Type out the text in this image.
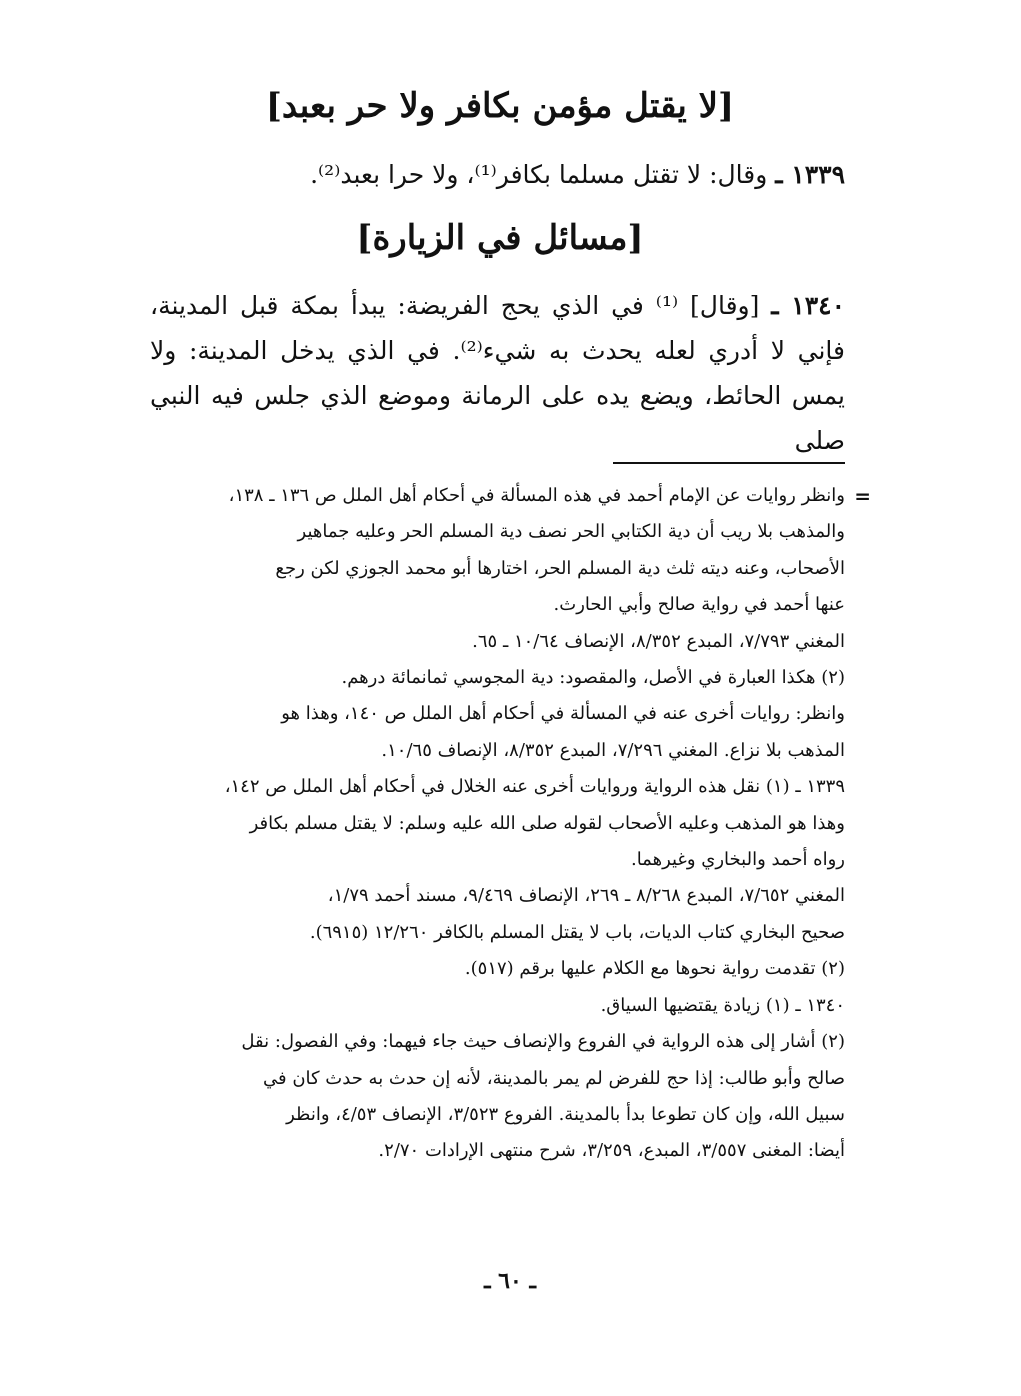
[لا يقتل مؤمن بكافر ولا حر بعبد]

١٣٣٩ ـ وقال: لا تقتل مسلما بكافر⁽¹⁾، ولا حرا بعبد⁽²⁾.

[مسائل في الزيارة]

١٣٤٠ ـ [وقال] ⁽¹⁾ في الذي يحج الفريضة: يبدأ بمكة قبل المدينة، فإني لا أدري لعله يحدث به شيء⁽²⁾. في الذي يدخل المدينة: ولا يمس الحائط، ويضع يده على الرمانة وموضع الذي جلس فيه النبي صلى

=
وانظر روايات عن الإمام أحمد في هذه المسألة في أحكام أهل الملل ص ١٣٦ ـ ١٣٨،
والمذهب بلا ريب أن دية الكتابي الحر نصف دية المسلم الحر وعليه جماهير
الأصحاب، وعنه ديته ثلث دية المسلم الحر، اختارها أبو محمد الجوزي لكن رجع
عنها أحمد في رواية صالح وأبي الحارث.
المغني ٧/٧٩٣، المبدع ٨/٣٥٢، الإنصاف ١٠/٦٤ ـ ٦٥.
(٢) هكذا العبارة في الأصل، والمقصود: دية المجوسي ثمانمائة درهم.
وانظر: روايات أخرى عنه في المسألة في أحكام أهل الملل ص ١٤٠، وهذا هو
المذهب بلا نزاع. المغني ٧/٢٩٦، المبدع ٨/٣٥٢، الإنصاف ١٠/٦٥.
١٣٣٩ ـ (١) نقل هذه الرواية وروايات أخرى عنه الخلال في أحكام أهل الملل ص ١٤٢،
وهذا هو المذهب وعليه الأصحاب لقوله صلى الله عليه وسلم: لا يقتل مسلم بكافر
رواه أحمد والبخاري وغيرهما.
المغني ٧/٦٥٢، المبدع ٨/٢٦٨ ـ ٢٦٩، الإنصاف ٩/٤٦٩، مسند أحمد ١/٧٩،
صحيح البخاري كتاب الديات، باب لا يقتل المسلم بالكافر ١٢/٢٦٠ (٦٩١٥).
(٢) تقدمت رواية نحوها مع الكلام عليها برقم (٥١٧).
١٣٤٠ ـ (١) زيادة يقتضيها السياق.
(٢) أشار إلى هذه الرواية في الفروع والإنصاف حيث جاء فيهما: وفي الفصول: نقل
صالح وأبو طالب: إذا حج للفرض لم يمر بالمدينة، لأنه إن حدث به حدث كان في
سبيل الله، وإن كان تطوعا بدأ بالمدينة. الفروع ٣/٥٢٣، الإنصاف ٤/٥٣، وانظر
أيضا: المغنى ٣/٥٥٧، المبدع، ٣/٢٥٩، شرح منتهى الإرادات ٢/٧٠.
ـ ٦٠ ـ
